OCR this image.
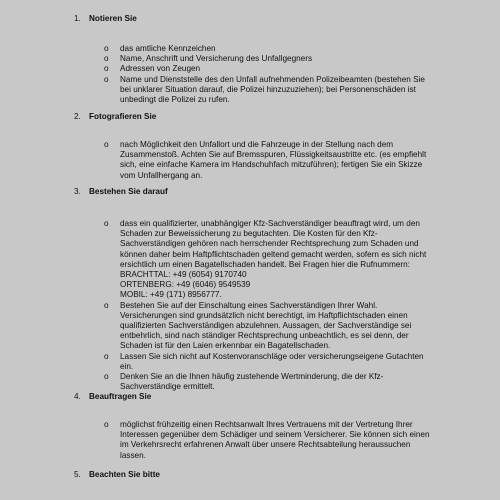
1. Notieren Sie
o das amtliche Kennzeichen
o Name, Anschrift und Versicherung des Unfallgegners
o Adressen von Zeugen
o Name und Dienststelle des den Unfall aufnehmenden Polizeibeamten (bestehen Sie
bei unklarer Situation darauf, die Polizei hinzuzuziehen); bei Personenschäden ist
unbedingt die Polizei zu rufen.
2. Fotografieren Sie
o nach Möglichkeit den Unfallort und die Fahrzeuge in der Stellung nach dem
Zusammenstoß. Achten Sie auf Bremsspuren, Flüssigkeitsaustritte etc. (es empfiehlt
sich, eine einfache Kamera im Handschuhfach mitzuführen); fertigen Sie ein Skizze
vom Unfallhergang an.
3. Bestehen Sie darauf
o dass ein qualifizierter, unabhängiger Kfz-Sachverständiger beauftragt wird, um den
Schaden zur Beweissicherung zu begutachten. Die Kosten für den Kfz-
Sachverständigen gehören nach herrschender Rechtsprechung zum Schaden und
können daher beim Haftpflichtschaden geltend gemacht werden, sofern es sich nicht
ersichtlich um einen Bagatellschaden handelt. Bei Fragen hier die Rufnummern:
BRACHTTAL: +49 (6054) 9170740
ORTENBERG: +49 (6046) 9549539
MOBIL: +49 (171) 8956777.
o Bestehen Sie auf der Einschaltung eines Sachverständigen Ihrer Wahl.
Versicherungen sind grundsätzlich nicht berechtigt, im Haftpflichtschaden einen
qualifizierten Sachverständigen abzulehnen. Aussagen, der Sachverständige sei
entbehrlich, sind nach ständiger Rechtsprechung unbeachtlich, es sei denn, der
Schaden ist für den Laien erkennbar ein Bagatellschaden.
o Lassen Sie sich nicht auf Kostenvoranschläge oder versicherungseigene Gutachten
ein.
o Denken Sie an die Ihnen häufig zustehende Wertminderung, die der Kfz-
Sachverständige ermittelt.
4. Beauftragen Sie
o möglichst frühzeitig einen Rechtsanwalt Ihres Vertrauens mit der Vertretung Ihrer
Interessen gegenüber dem Schädiger und seinem Versicherer. Sie können sich einen
im Verkehrsrecht erfahrenen Anwalt über unsere Rechtsabteilung heraussuchen
lassen.
5. Beachten Sie bitte
